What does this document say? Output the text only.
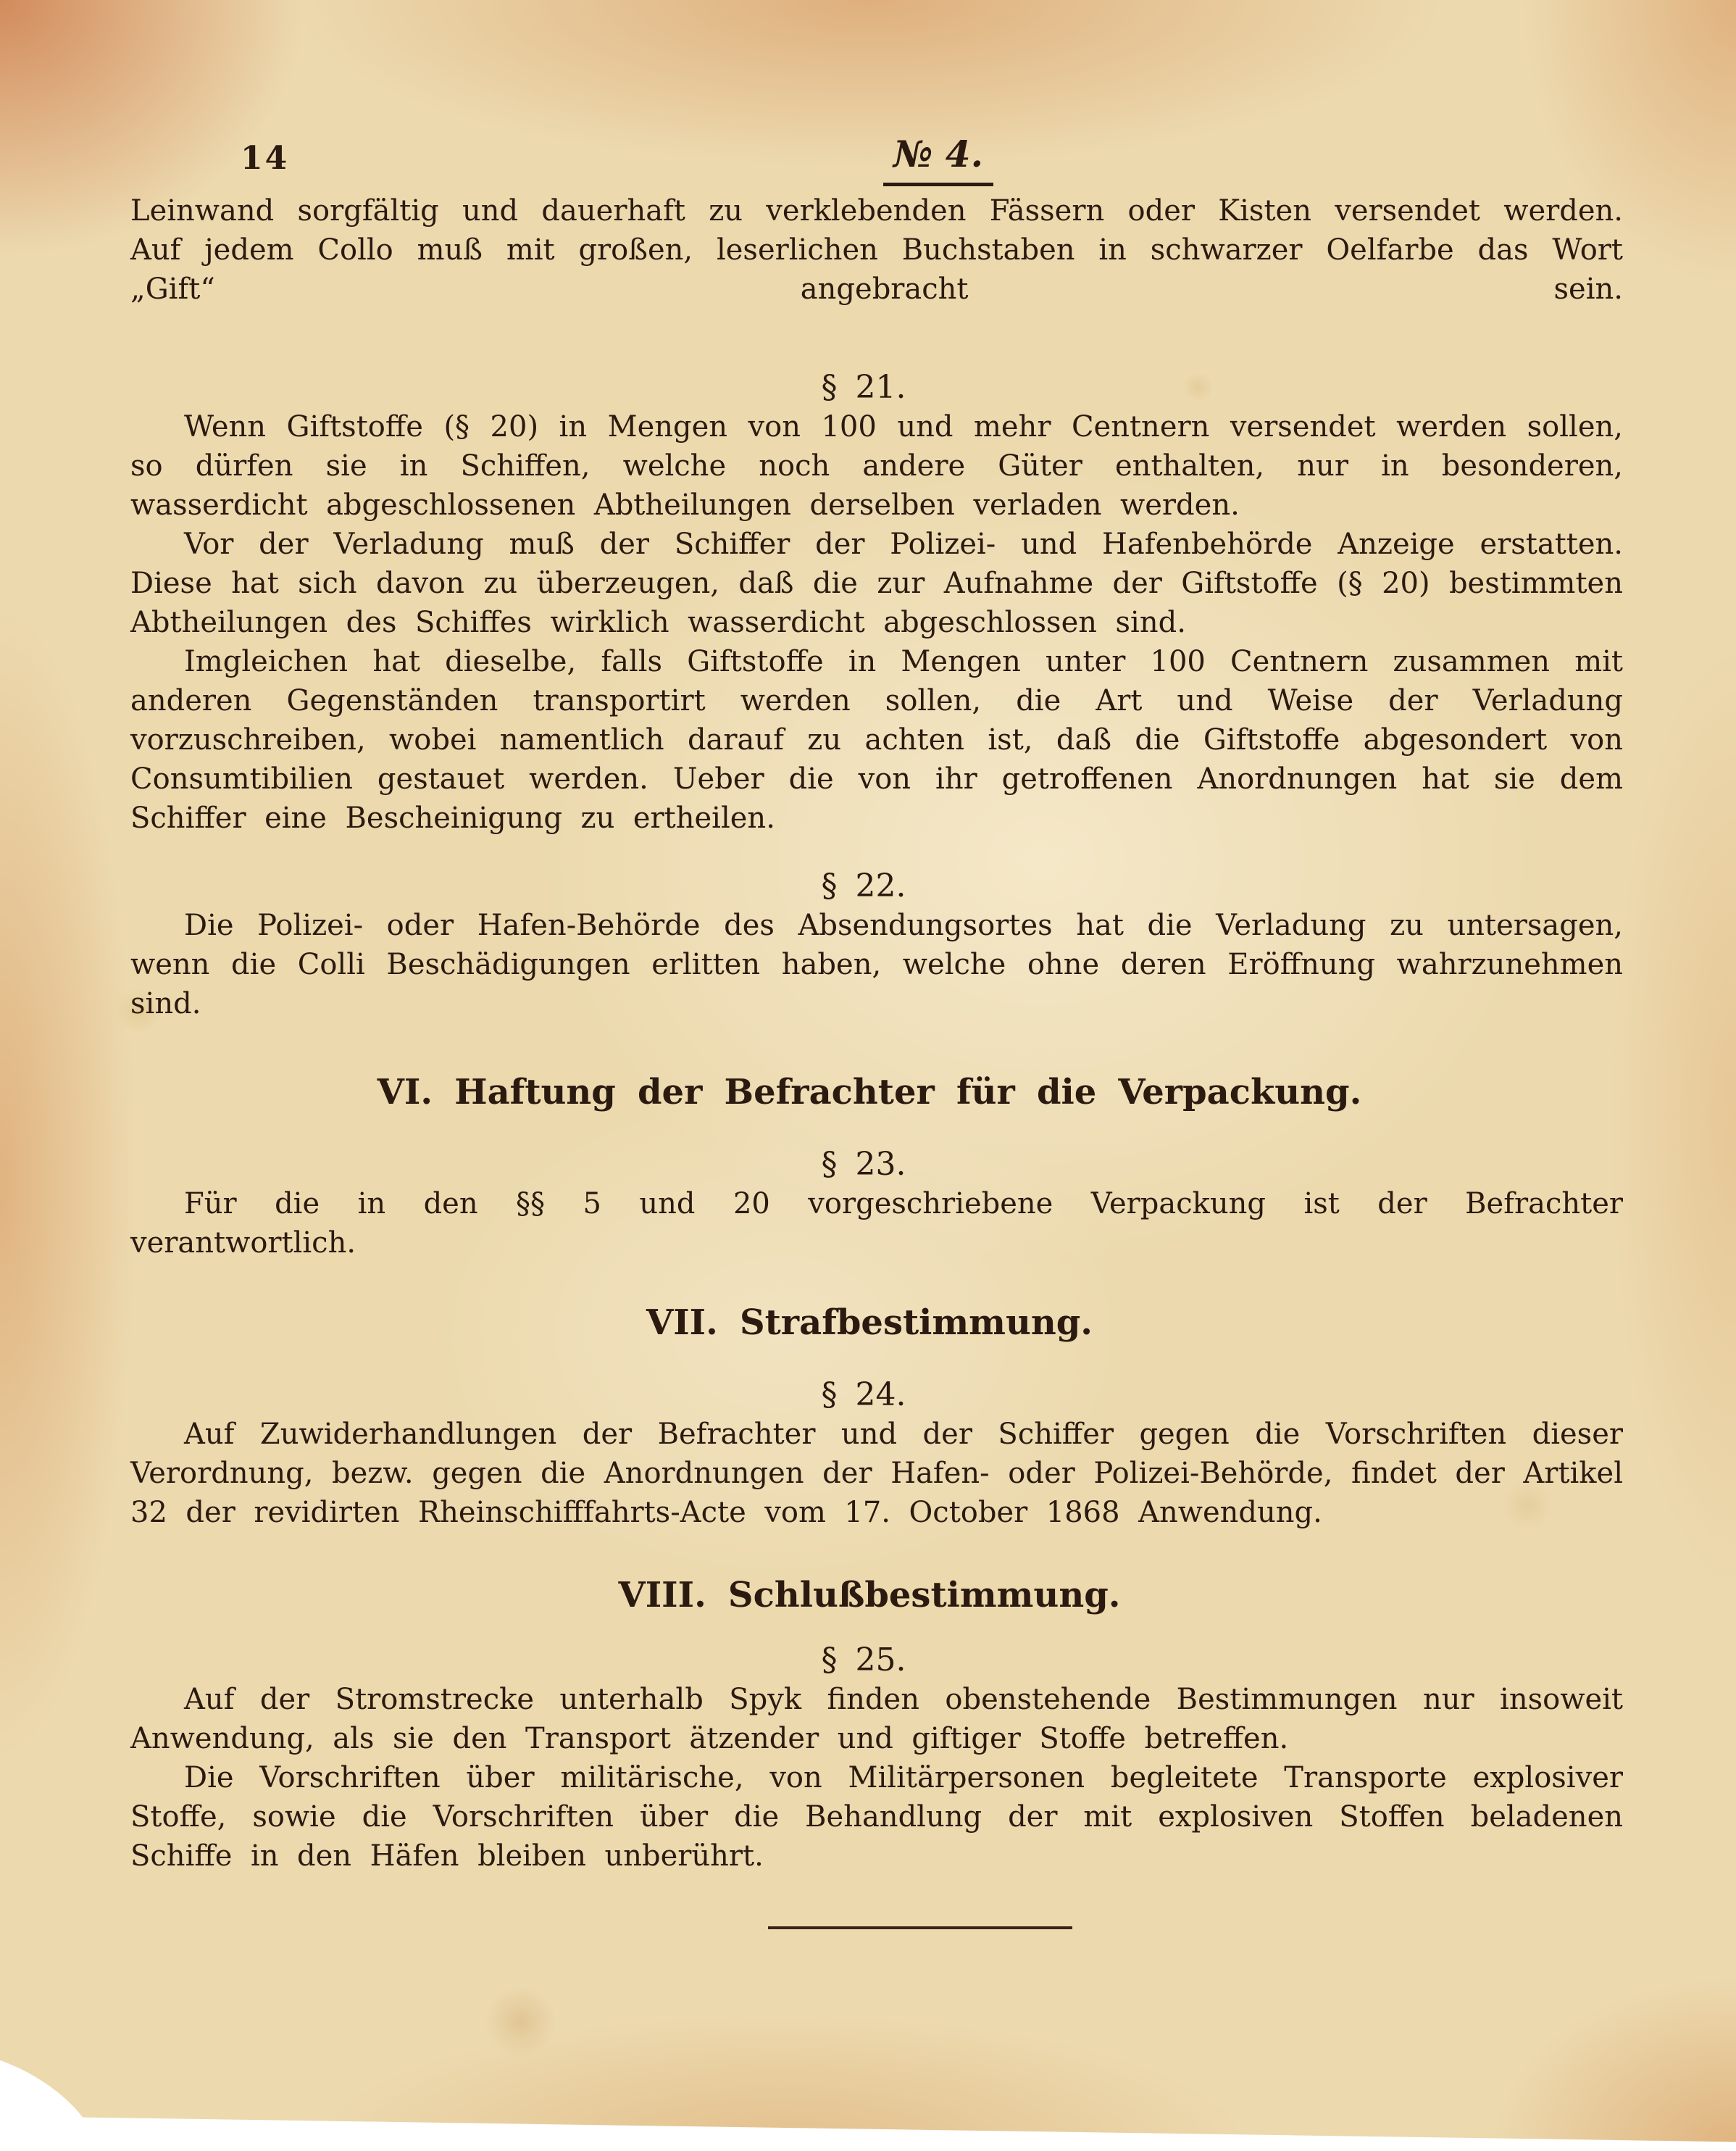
14	№ 4.

Leinwand sorgfältig und dauerhaft zu verklebenden Fässern oder Kisten versendet werden. Auf jedem Collo muß mit großen, leserlichen Buchstaben in schwarzer Oelfarbe das Wort „Gift“ angebracht sein.

§ 21.

Wenn Giftstoffe (§ 20) in Mengen von 100 und mehr Centnern versendet werden sollen, so dürfen sie in Schiffen, welche noch andere Güter enthalten, nur in besonderen, wasserdicht abgeschlossenen Abtheilungen derselben verladen werden.

Vor der Verladung muß der Schiffer der Polizei- und Hafenbehörde Anzeige erstatten. Diese hat sich davon zu überzeugen, daß die zur Aufnahme der Giftstoffe (§ 20) bestimmten Abtheilungen des Schiffes wirklich wasserdicht abgeschlossen sind.

Imgleichen hat dieselbe, falls Giftstoffe in Mengen unter 100 Centnern zusammen mit anderen Gegenständen transportirt werden sollen, die Art und Weise der Verladung vorzuschreiben, wobei namentlich darauf zu achten ist, daß die Giftstoffe abgesondert von Consumtibilien gestauet werden. Ueber die von ihr getroffenen Anordnungen hat sie dem Schiffer eine Bescheinigung zu ertheilen.

§ 22.

Die Polizei- oder Hafen-Behörde des Absendungsortes hat die Verladung zu untersagen, wenn die Colli Beschädigungen erlitten haben, welche ohne deren Eröffnung wahrzunehmen sind.

VI. Haftung der Befrachter für die Verpackung.

§ 23.

Für die in den §§ 5 und 20 vorgeschriebene Verpackung ist der Befrachter verantwortlich.

VII. Strafbestimmung.

§ 24.

Auf Zuwiderhandlungen der Befrachter und der Schiffer gegen die Vorschriften dieser Verordnung, bezw. gegen die Anordnungen der Hafen- oder Polizei-Behörde, findet der Artikel 32 der revidirten Rheinschifffahrts-Acte vom 17. October 1868 Anwendung.

VIII. Schlußbestimmung.

§ 25.

Auf der Stromstrecke unterhalb Spyk finden obenstehende Bestimmungen nur insoweit Anwendung, als sie den Transport ätzender und giftiger Stoffe betreffen.

Die Vorschriften über militärische, von Militärpersonen begleitete Transporte explosiver Stoffe, sowie die Vorschriften über die Behandlung der mit explosiven Stoffen beladenen Schiffe in den Häfen bleiben unberührt.
